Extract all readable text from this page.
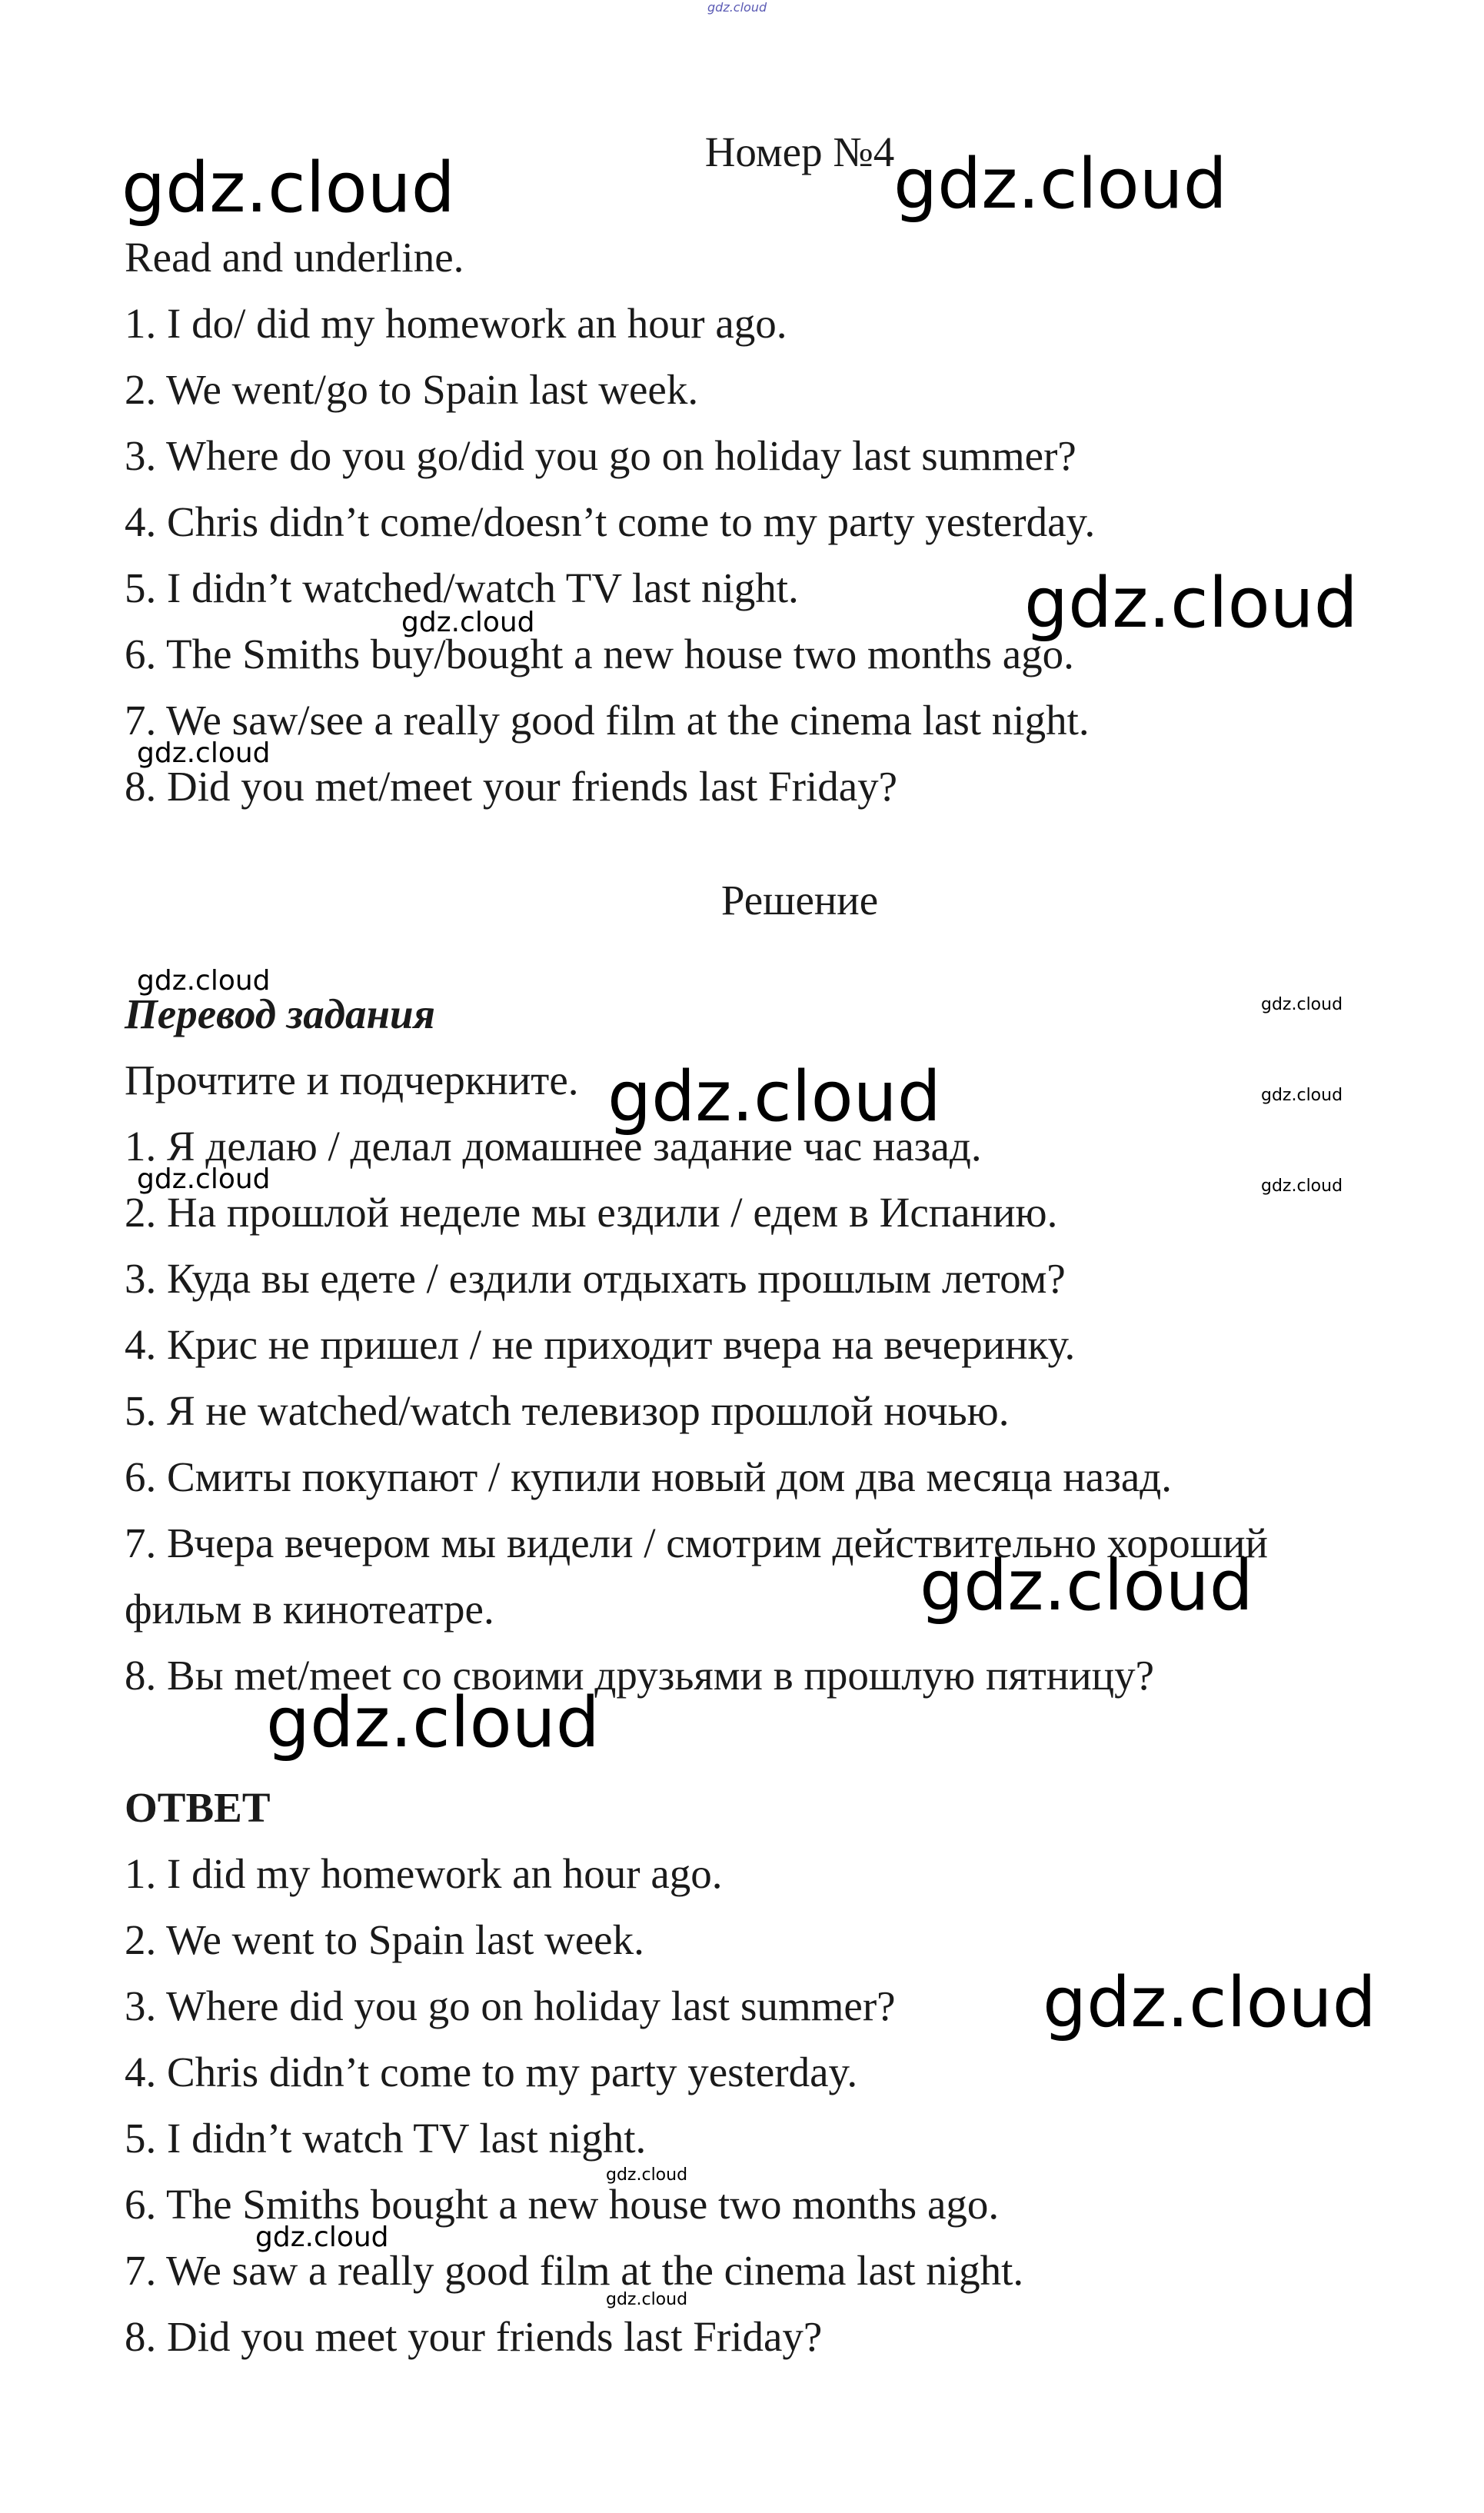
gdz.cloud
Номер №4
Read and underline.
1. I do/ did my homework an hour ago.
2. We went/go to Spain last week.
3. Where do you go/did you go on holiday last summer?
4. Chris didn’t come/doesn’t come to my party yesterday.
5. I didn’t watched/watch TV last night.
6. The Smiths buy/bought a new house two months ago.
7. We saw/see a really good film at the cinema last night.
8. Did you met/meet your friends last Friday?
Решение
Перевод задания
Прочтите и подчеркните.
1. Я делаю / делал домашнее задание час назад.
2. На прошлой неделе мы ездили / едем в Испанию.
3. Куда вы едете / ездили отдыхать прошлым летом?
4. Крис не пришел / не приходит вчера на вечеринку.
5. Я не watched/watch телевизор прошлой ночью.
6. Смиты покупают / купили новый дом два месяца назад.
7. Вчера вечером мы видели / смотрим действительно хороший
фильм в кинотеатре.
8. Вы met/meet со своими друзьями в прошлую пятницу?
ОТВЕТ
1. I did my homework an hour ago.
2. We went to Spain last week.
3. Where did you go on holiday last summer?
4. Chris didn’t come to my party yesterday.
5. I didn’t watch TV last night.
6. The Smiths bought a new house two months ago.
7. We saw a really good film at the cinema last night.
8. Did you meet your friends last Friday?
gdz.cloud	gdz.cloud
gdz.cloud
gdz.cloud
gdz.cloud
gdz.cloud
gdz.cloud
gdz.cloud	gdz.cloud
gdz.cloud	gdz.cloud
gdz.cloud
gdz.cloud
gdz.cloud
gdz.cloud
gdz.cloud
gdz.cloud
